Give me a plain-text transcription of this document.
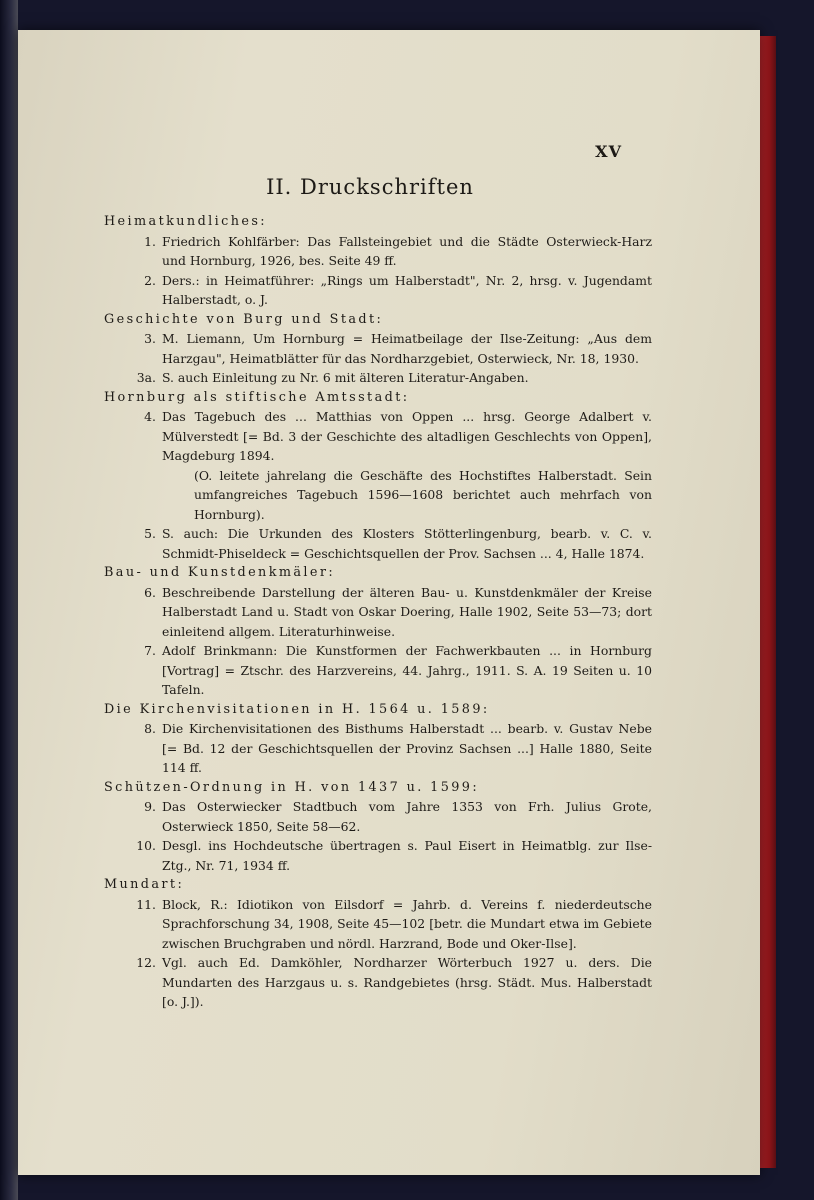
XV
II. Druckschriften
Heimatkundliches:
1. Friedrich Kohlfärber: Das Fallsteingebiet und die Städte Osterwieck-Harz und Hornburg, 1926, bes. Seite 49 ff.
2. Ders.: in Heimatführer: „Rings um Halberstadt", Nr. 2, hrsg. v. Jugendamt Halberstadt, o. J.
Geschichte von Burg und Stadt:
3. M. Liemann, Um Hornburg = Heimatbeilage der Ilse-Zeitung: „Aus dem Harzgau", Heimatblätter für das Nordharzgebiet, Osterwieck, Nr. 18, 1930.
3a. S. auch Einleitung zu Nr. 6 mit älteren Literatur-Angaben.
Hornburg als stiftische Amtsstadt:
4. Das Tagebuch des ... Matthias von Oppen ... hrsg. George Adalbert v. Mülverstedt [= Bd. 3 der Geschichte des altadligen Geschlechts von Oppen], Magdeburg 1894.
(O. leitete jahrelang die Geschäfte des Hochstiftes Halberstadt. Sein umfangreiches Tagebuch 1596—1608 berichtet auch mehrfach von Hornburg).
5. S. auch: Die Urkunden des Klosters Stötterlingenburg, bearb. v. C. v. Schmidt-Phiseldeck = Geschichtsquellen der Prov. Sachsen ... 4, Halle 1874.
Bau- und Kunstdenkmäler:
6. Beschreibende Darstellung der älteren Bau- u. Kunstdenkmäler der Kreise Halberstadt Land u. Stadt von Oskar Doering, Halle 1902, Seite 53—73; dort einleitend allgem. Literaturhinweise.
7. Adolf Brinkmann: Die Kunstformen der Fachwerkbauten ... in Hornburg [Vortrag] = Ztschr. des Harzvereins, 44. Jahrg., 1911. S. A. 19 Seiten u. 10 Tafeln.
Die Kirchenvisitationen in H. 1564 u. 1589:
8. Die Kirchenvisitationen des Bisthums Halberstadt ... bearb. v. Gustav Nebe [= Bd. 12 der Geschichtsquellen der Provinz Sachsen ...] Halle 1880, Seite 114 ff.
Schützen-Ordnung in H. von 1437 u. 1599:
9. Das Osterwiecker Stadtbuch vom Jahre 1353 von Frh. Julius Grote, Osterwieck 1850, Seite 58—62.
10. Desgl. ins Hochdeutsche übertragen s. Paul Eisert in Heimatblg. zur Ilse-Ztg., Nr. 71, 1934 ff.
Mundart:
11. Block, R.: Idiotikon von Eilsdorf = Jahrb. d. Vereins f. niederdeutsche Sprachforschung 34, 1908, Seite 45—102 [betr. die Mundart etwa im Gebiete zwischen Bruchgraben und nördl. Harzrand, Bode und Oker-Ilse].
12. Vgl. auch Ed. Damköhler, Nordharzer Wörterbuch 1927 u. ders. Die Mundarten des Harzgaus u. s. Randgebietes (hrsg. Städt. Mus. Halberstadt [o. J.]).
